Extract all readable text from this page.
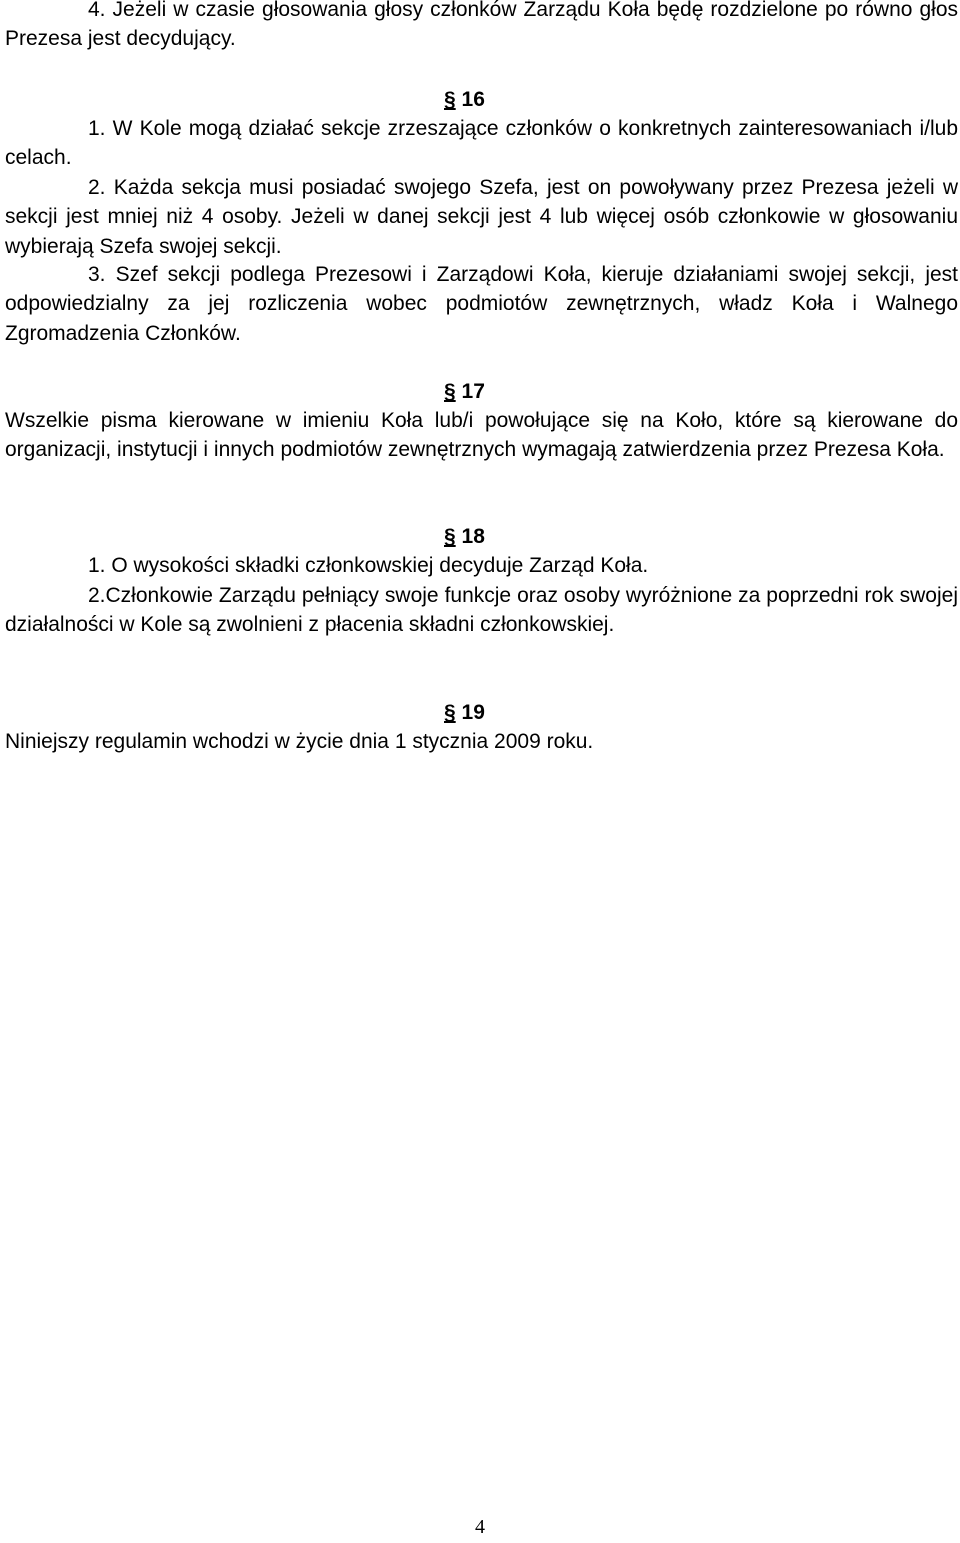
4. Jeżeli w czasie głosowania głosy członków Zarządu Koła będę rozdzielone po równo głos Prezesa jest decydujący.

§ 16

1. W Kole mogą działać sekcje zrzeszające członków o konkretnych zainteresowaniach i/lub celach.

2. Każda sekcja musi posiadać swojego Szefa, jest on powoływany przez Prezesa jeżeli w sekcji jest mniej niż 4 osoby. Jeżeli w danej sekcji jest 4 lub więcej osób członkowie w głosowaniu wybierają Szefa swojej sekcji.

3. Szef sekcji podlega Prezesowi i Zarządowi Koła, kieruje działaniami swojej sekcji, jest odpowiedzialny za jej rozliczenia wobec podmiotów zewnętrznych, władz Koła i Walnego Zgromadzenia Członków.

§ 17

Wszelkie pisma kierowane w imieniu Koła lub/i powołujące się na Koło, które są kierowane do organizacji, instytucji i innych podmiotów zewnętrznych wymagają zatwierdzenia przez Prezesa Koła.

§ 18

1. O wysokości składki członkowskiej decyduje Zarząd Koła.

2.Członkowie Zarządu pełniący swoje funkcje oraz osoby wyróżnione za poprzedni rok swojej działalności w Kole są zwolnieni z płacenia składni członkowskiej.

§ 19

Niniejszy regulamin wchodzi w życie dnia 1 stycznia 2009 roku.

4
